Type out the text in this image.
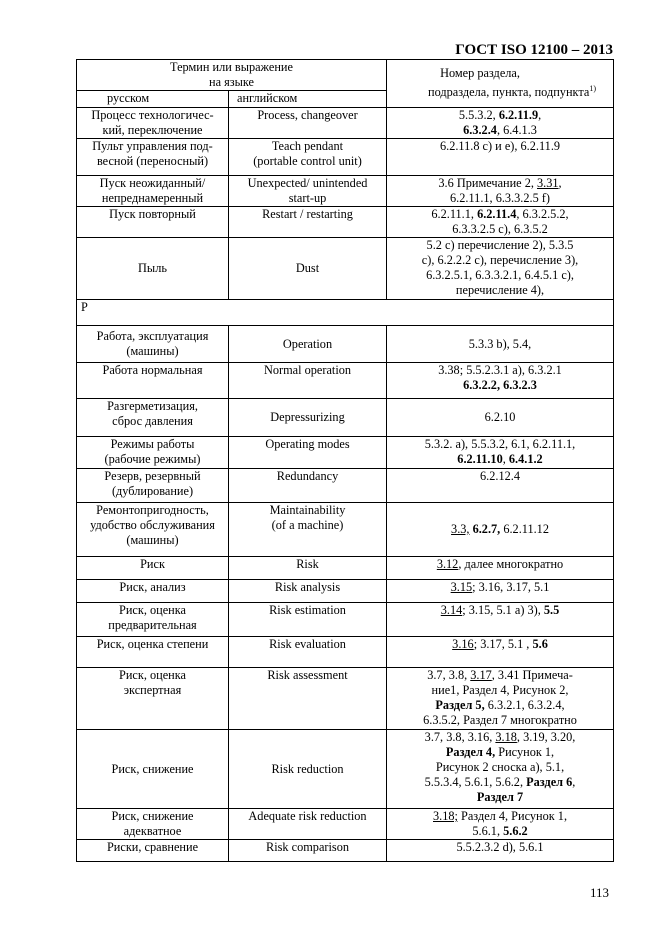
ГОСТ ISO 12100 – 2013
Термин или выражение
на языке		Номер раздела,
подраздела, пункта, подпункта$^{1)}$

русском	английском	

Процесс технологичес-
кий, переключение	Process, changeover	5.5.3.2, 6.2.11.9,
6.3.2.4, 6.4.1.3

Пульт управления под-
весной (переносный)	Teach pendant
(portable control unit)	6.2.11.8 c) и e), 6.2.11.9

Пуск неожиданный/
непреднамеренный	Unexpected/ unintended
start-up	3.6 Примечание 2, 3.31,
6.2.11.1, 6.3.3.2.5 f)

Пуск повторный	Restart / restarting	6.2.11.1, 6.2.11.4, 6.3.2.5.2,
6.3.3.2.5 c), 6.3.5.2

Пыль	Dust	5.2 c) перечисление 2), 5.3.5
c), 6.2.2.2 c), перечисление 3),
6.3.2.5.1, 6.3.3.2.1, 6.4.5.1 c),
перечисление 4),

Р		

Работа, эксплуатация
(машины)	Operation	5.3.3 b), 5.4,

Работа нормальная	Normal operation	3.38; 5.5.2.3.1 a), 6.3.2.1
6.3.2.2, 6.3.2.3

Разгерметизация,
сброс давления	Depressurizing	6.2.10

Режимы работы
(рабочие режимы)	Operating modes	5.3.2. a), 5.5.3.2, 6.1, 6.2.11.1,
6.2.11.10, 6.4.1.2

Резерв, резервный
(дублирование)	Redundancy	6.2.12.4

Ремонтопригодность,
удобство обслуживания
(машины)	Maintainability
(of a machine)	3.3, 6.2.7, 6.2.11.12

Риск	Risk	3.12, далее многократно

Риск, анализ	Risk analysis	3.15; 3.16, 3.17, 5.1

Риск, оценка
предварительная	Risk estimation	3.14; 3.15, 5.1 a) 3), 5.5

Риск, оценка степени	Risk evaluation	3.16; 3.17, 5.1 , 5.6

Риск, оценка
экспертная	Risk assessment	3.7, 3.8, 3.17, 3.41 Примеча-
ние1, Раздел 4, Рисунок 2,
Раздел 5, 6.3.2.1, 6.3.2.4,
6.3.5.2, Раздел 7 многократно

Риск, снижение	Risk reduction	3.7, 3.8, 3.16, 3.18, 3.19, 3.20,
Раздел 4, Рисунок 1,
Рисунок 2 сноска a), 5.1,
5.5.3.4, 5.6.1, 5.6.2, Раздел 6,
Раздел 7

Риск, снижение
адекватное	Adequate risk reduction	3.18; Раздел 4, Рисунок 1,
5.6.1, 5.6.2

Риски, сравнение	Risk comparison	5.5.2.3.2 d), 5.6.1
113
